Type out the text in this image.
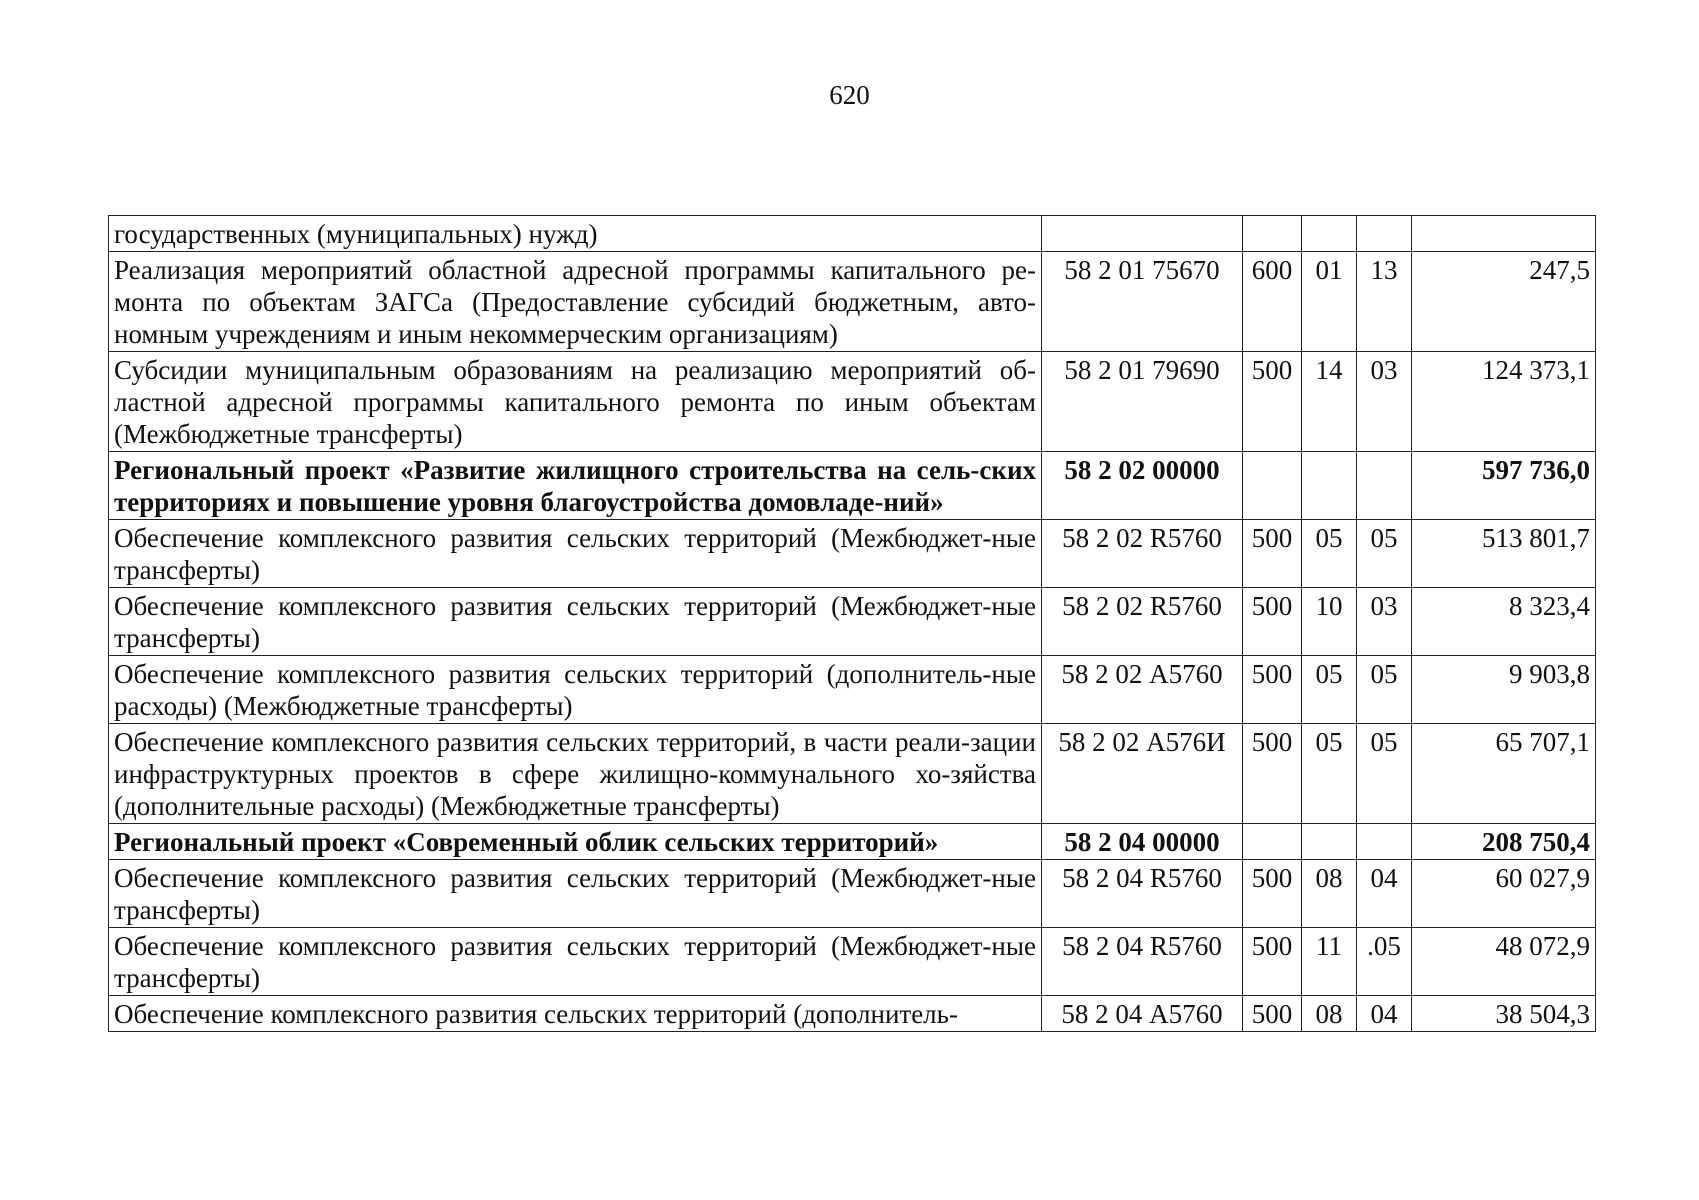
620
государственных (муниципальных) нужд)					
Реализация мероприятий областной адресной программы капитального ре-монта по объектам ЗАГСа (Предоставление субсидий бюджетным, авто-номным учреждениям и иным некоммерческим организациям)	58 2 01 75670	600	01	13	247,5
Субсидии муниципальным образованиям на реализацию мероприятий об-ластной адресной программы капитального ремонта по иным объектам (Межбюджетные трансферты)	58 2 01 79690	500	14	03	124 373,1
Региональный проект «Развитие жилищного строительства на сель-ских территориях и повышение уровня благоустройства домовладе-ний»	58 2 02 00000				597 736,0
Обеспечение комплексного развития сельских территорий (Межбюджет-ные трансферты)	58 2 02 R5760	500	05	05	513 801,7
Обеспечение комплексного развития сельских территорий (Межбюджет-ные трансферты)	58 2 02 R5760	500	10	03	8 323,4
Обеспечение комплексного развития сельских территорий (дополнитель-ные расходы) (Межбюджетные трансферты)	58 2 02 А5760	500	05	05	9 903,8
Обеспечение комплексного развития сельских территорий, в части реали-зации инфраструктурных проектов в сфере жилищно-коммунального хо-зяйства (дополнительные расходы) (Межбюджетные трансферты)	58 2 02 А576И	500	05	05	65 707,1
Региональный проект «Современный облик сельских территорий»	58 2 04 00000				208 750,4
Обеспечение комплексного развития сельских территорий (Межбюджет-ные трансферты)	58 2 04 R5760	500	08	04	60 027,9
Обеспечение комплексного развития сельских территорий (Межбюджет-ные трансферты)	58 2 04 R5760	500	11	.05	48 072,9
Обеспечение комплексного развития сельских территорий (дополнитель-	58 2 04 А5760	500	08	04	38 504,3
